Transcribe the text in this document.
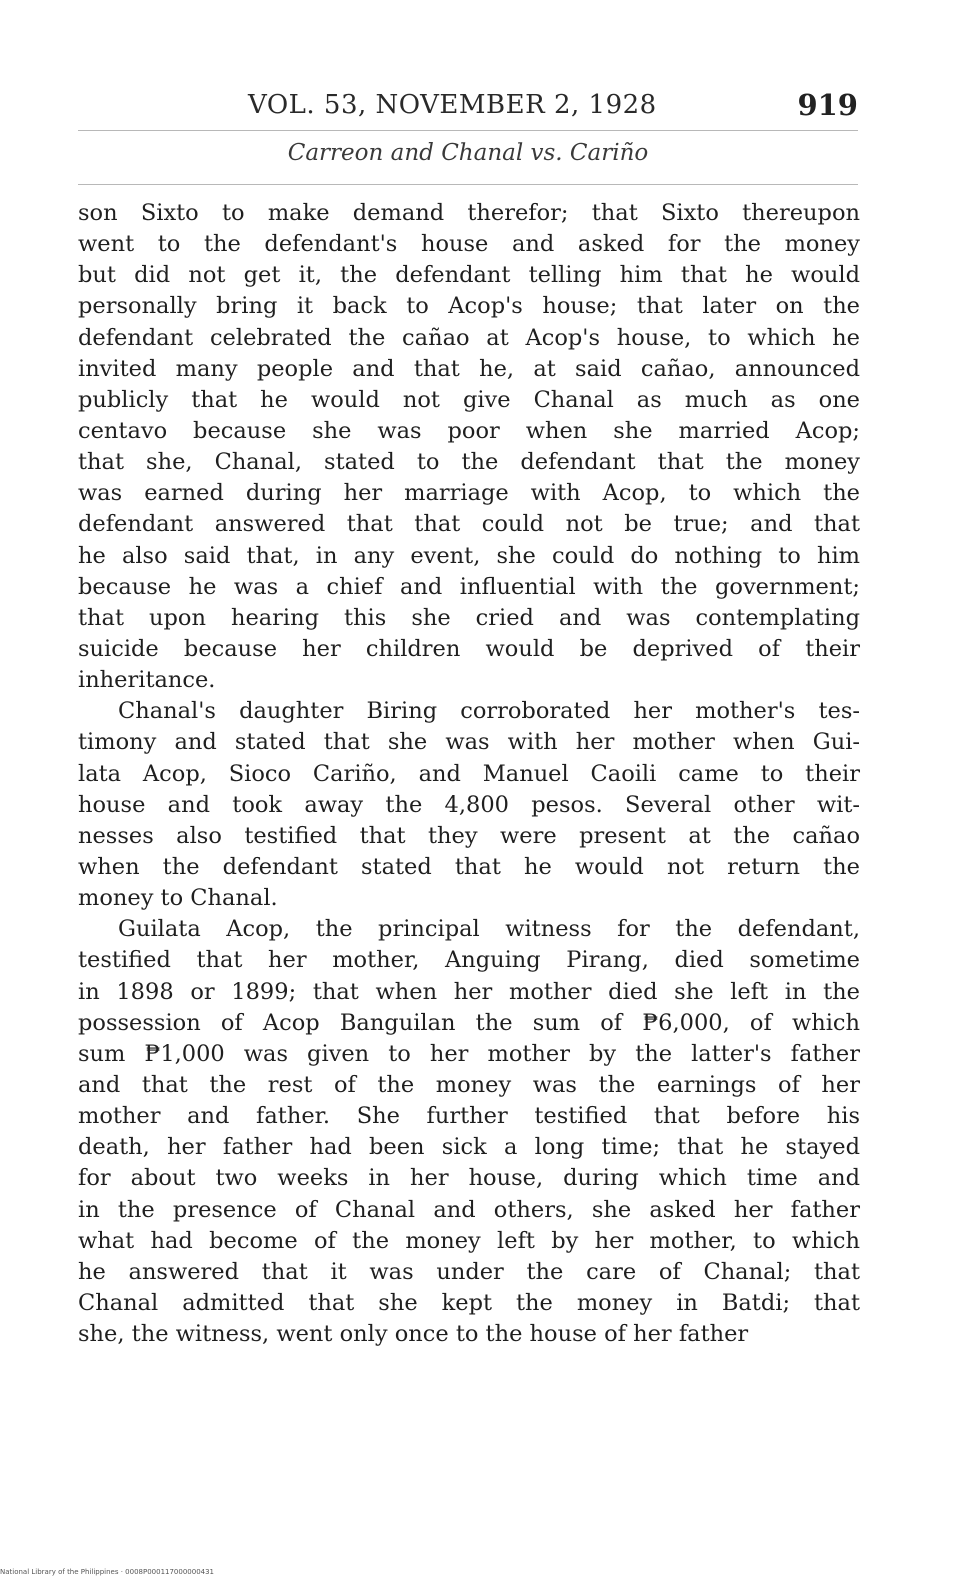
VOL. 53, NOVEMBER 2, 1928	919
Carreon and Chanal vs. Cariño
son Sixto to make demand therefor; that Sixto thereupon
went to the defendant's house and asked for the money
but did not get it, the defendant telling him that he would
personally bring it back to Acop's house; that later on the
defendant celebrated the cañao at Acop's house, to which he
invited many people and that he, at said cañao, announced
publicly that he would not give Chanal as much as one
centavo because she was poor when she married Acop;
that she, Chanal, stated to the defendant that the money
was earned during her marriage with Acop, to which the
defendant answered that that could not be true; and that
he also said that, in any event, she could do nothing to him
because he was a chief and influential with the government;
that upon hearing this she cried and was contemplating
suicide because her children would be deprived of their
inheritance.
Chanal's daughter Biring corroborated her mother's tes-
timony and stated that she was with her mother when Gui-
lata Acop, Sioco Cariño, and Manuel Caoili came to their
house and took away the 4,800 pesos. Several other wit-
nesses also testified that they were present at the cañao
when the defendant stated that he would not return the
money to Chanal.
Guilata Acop, the principal witness for the defendant,
testified that her mother, Anguing Pirang, died sometime
in 1898 or 1899; that when her mother died she left in the
possession of Acop Banguilan the sum of ₱6,000, of which
sum ₱1,000 was given to her mother by the latter's father
and that the rest of the money was the earnings of her
mother and father. She further testified that before his
death, her father had been sick a long time; that he stayed
for about two weeks in her house, during which time and
in the presence of Chanal and others, she asked her father
what had become of the money left by her mother, to which
he answered that it was under the care of Chanal; that
Chanal admitted that she kept the money in Batdi; that
she, the witness, went only once to the house of her father
National Library of the Philippines · 0008P000117000000431
